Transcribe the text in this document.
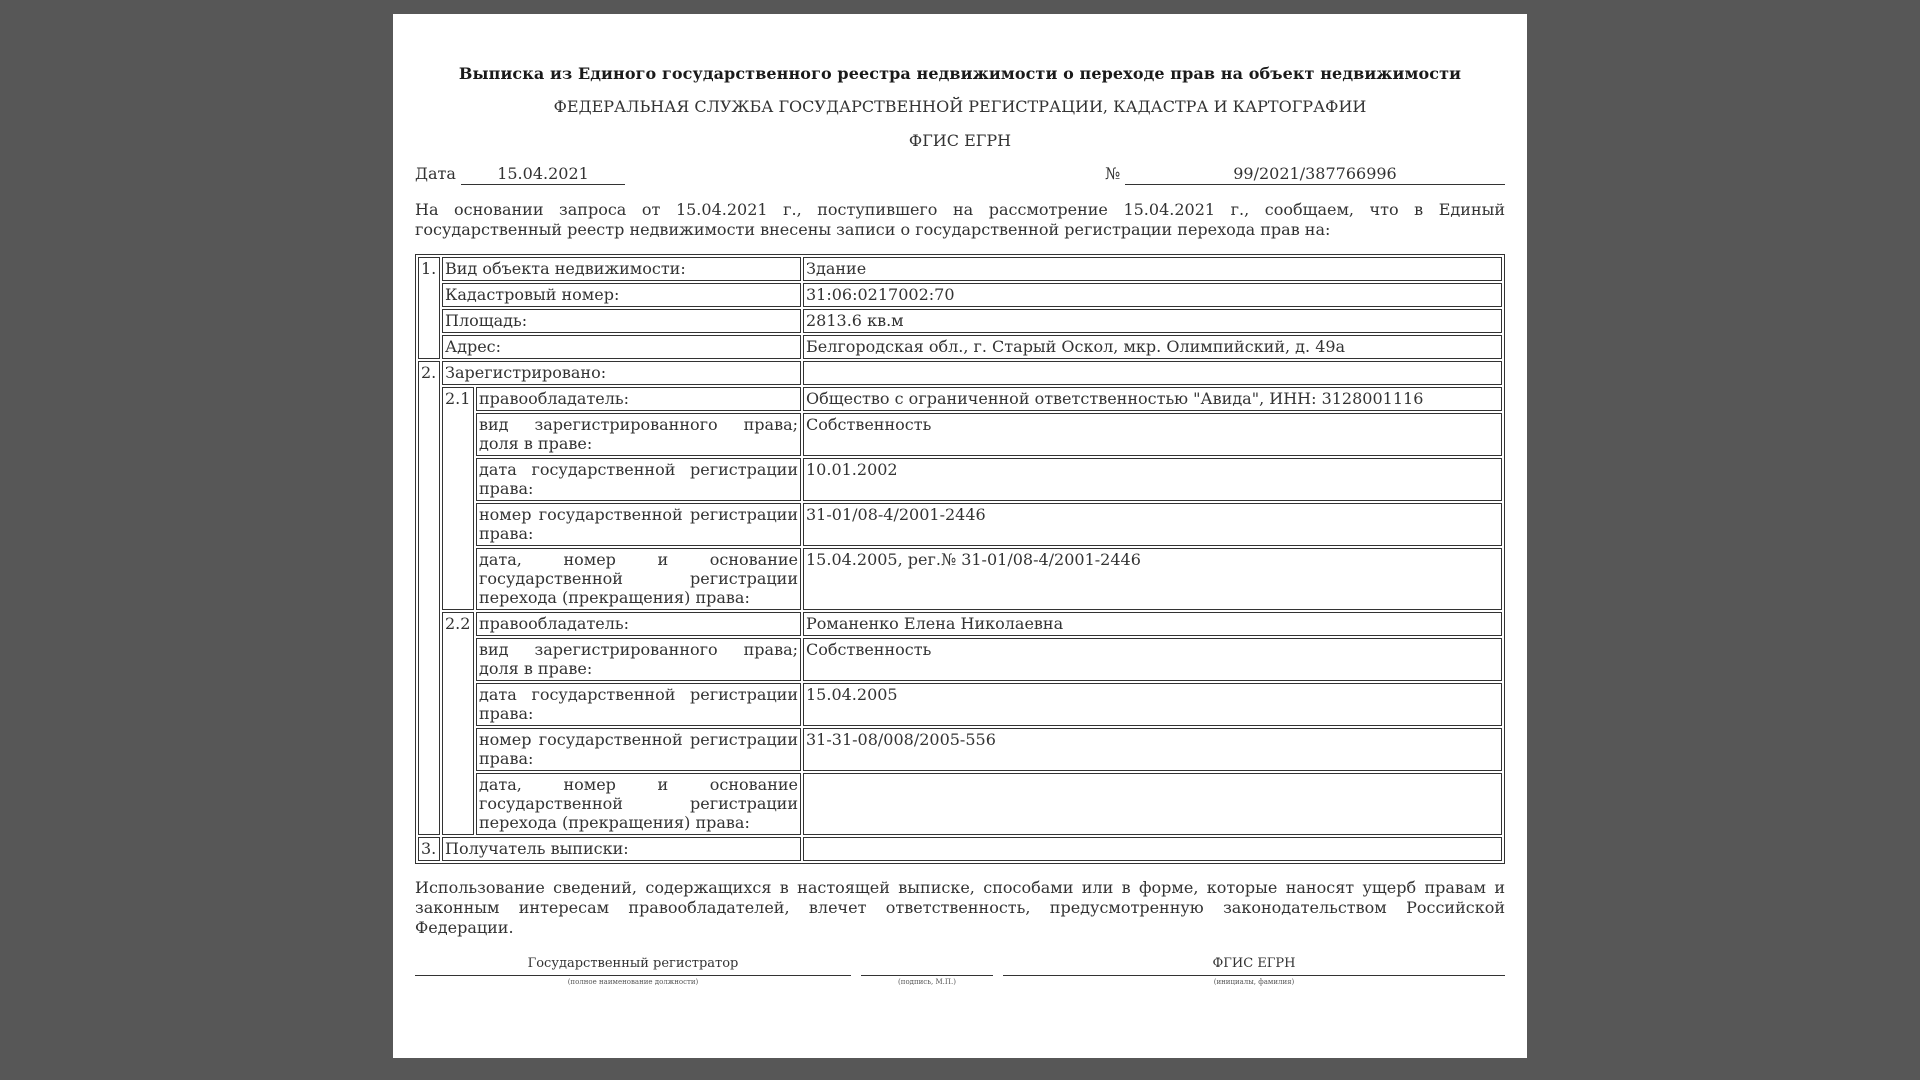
Выписка из Единого государственного реестра недвижимости о переходе прав на объект недвижимости
ФЕДЕРАЛЬНАЯ СЛУЖБА ГОСУДАРСТВЕННОЙ РЕГИСТРАЦИИ, КАДАСТРА И КАРТОГРАФИИ
ФГИС ЕГРН
Дата	15.04.2021	№	99/2021/387766996
На основании запроса от 15.04.2021 г., поступившего на рассмотрение 15.04.2021 г., сообщаем, что в Единый государственный реестр недвижимости внесены записи о государственной регистрации перехода прав на:
1.	Вид объекта недвижимости:		Здание
	Кадастровый номер:		31:06:0217002:70
	Площадь:		2813.6 кв.м
	Адрес:		Белгородская обл., г. Старый Оскол, мкр. Олимпийский, д. 49а
2.	Зарегистрировано:		
	2.1	правообладатель:	Общество с ограниченной ответственностью "Авида", ИНН: 3128001116
		вид зарегистрированного права; доля в праве:	Собственность
		дата государственной регистрации права:	10.01.2002
		номер государственной регистрации права:	31-01/08-4/2001-2446
		дата, номер и основание государственной регистрации перехода (прекращения) права:	15.04.2005, рег.№ 31-01/08-4/2001-2446
	2.2	правообладатель:	Романенко Елена Николаевна
		вид зарегистрированного права; доля в праве:	Собственность
		дата государственной регистрации права:	15.04.2005
		номер государственной регистрации права:	31-31-08/008/2005-556
		дата, номер и основание государственной регистрации перехода (прекращения) права:	
3.	Получатель выписки:		
Использование сведений, содержащихся в настоящей выписке, способами или в форме, которые наносят ущерб правам и законным интересам правообладателей, влечет ответственность, предусмотренную законодательством Российской Федерации.
Государственный регистратор
(полное наименование должности)	(подпись, М.П.)
ФГИС ЕГРН
(инициалы, фамилия)
